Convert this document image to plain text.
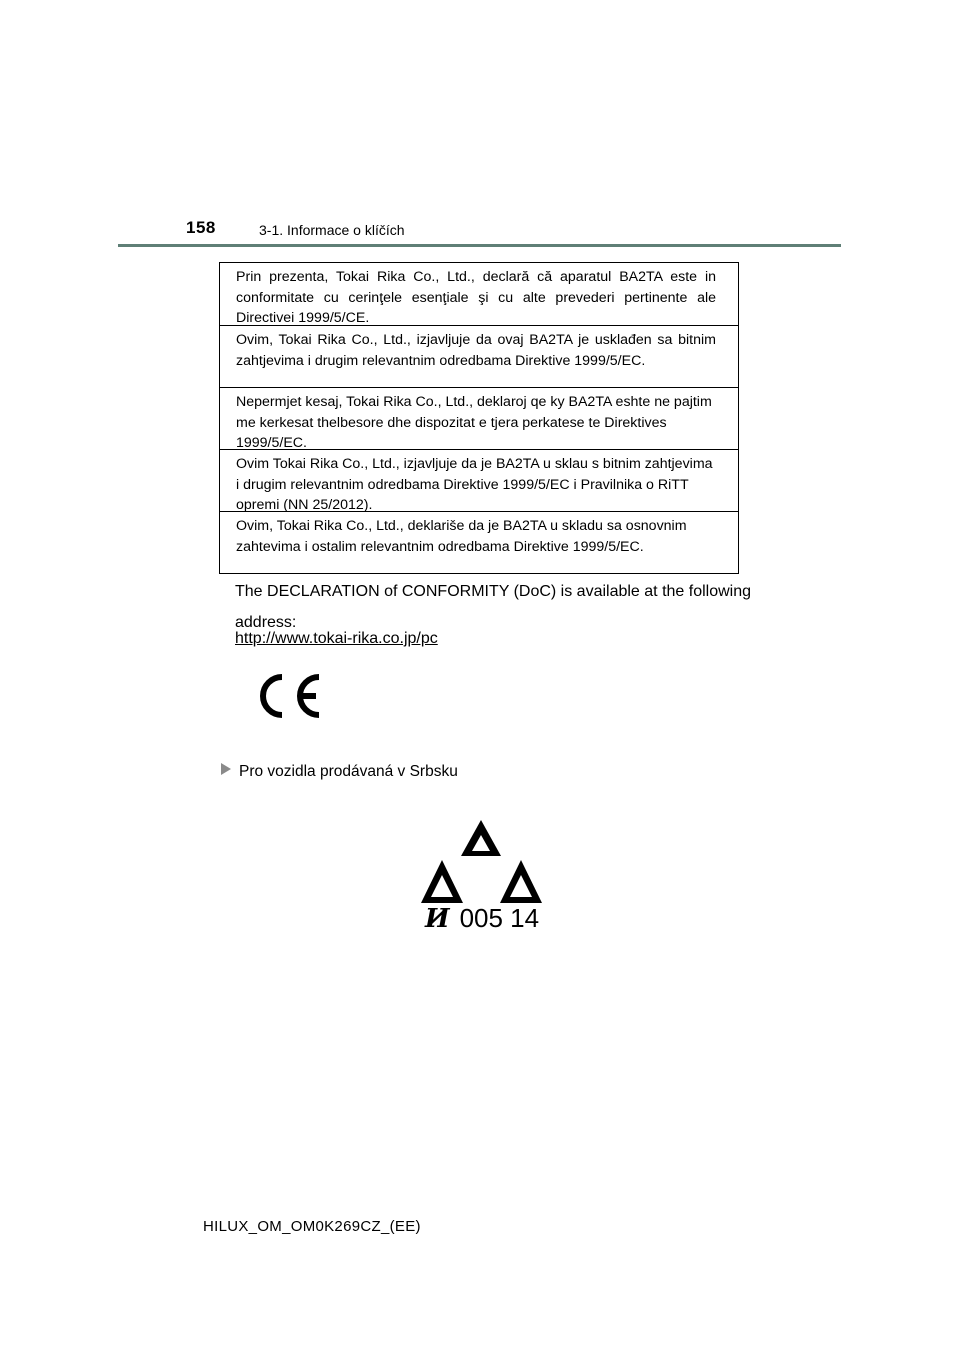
158	3-1. Informace o klíčích
Prin prezenta, Tokai Rika Co., Ltd., declară că aparatul BA2TA este in conformitate cu cerinţele esenţiale şi cu alte prevederi pertinente ale Directivei 1999/5/CE.
Ovim, Tokai Rika Co., Ltd., izjavljuje da ovaj BA2TA je usklađen sa bitnim zahtjevima i drugim relevantnim odredbama Direktive 1999/5/EC.
Nepermjet kesaj, Tokai Rika Co., Ltd., deklaroj qe ky BA2TA eshte ne pajtim me kerkesat thelbesore dhe dispozitat e tjera perkatese te Direktives 1999/5/EC.
Ovim Tokai Rika Co., Ltd., izjavljuje da je BA2TA u sklau s bitnim zahtjevima i drugim relevantnim odredbama Direktive 1999/5/EC i Pravilnika o RiTT opremi (NN 25/2012).
Ovim, Tokai Rika Co., Ltd., deklariše da je BA2TA u skladu sa osnovnim zahtevima i ostalim relevantnim odredbama Direktive 1999/5/EC.
The DECLARATION of CONFORMITY (DoC) is available at the following address:
http://www.tokai-rika.co.jp/pc
Pro vozidla prodávaná v Srbsku
И 005 14
HILUX_OM_OM0K269CZ_(EE)
